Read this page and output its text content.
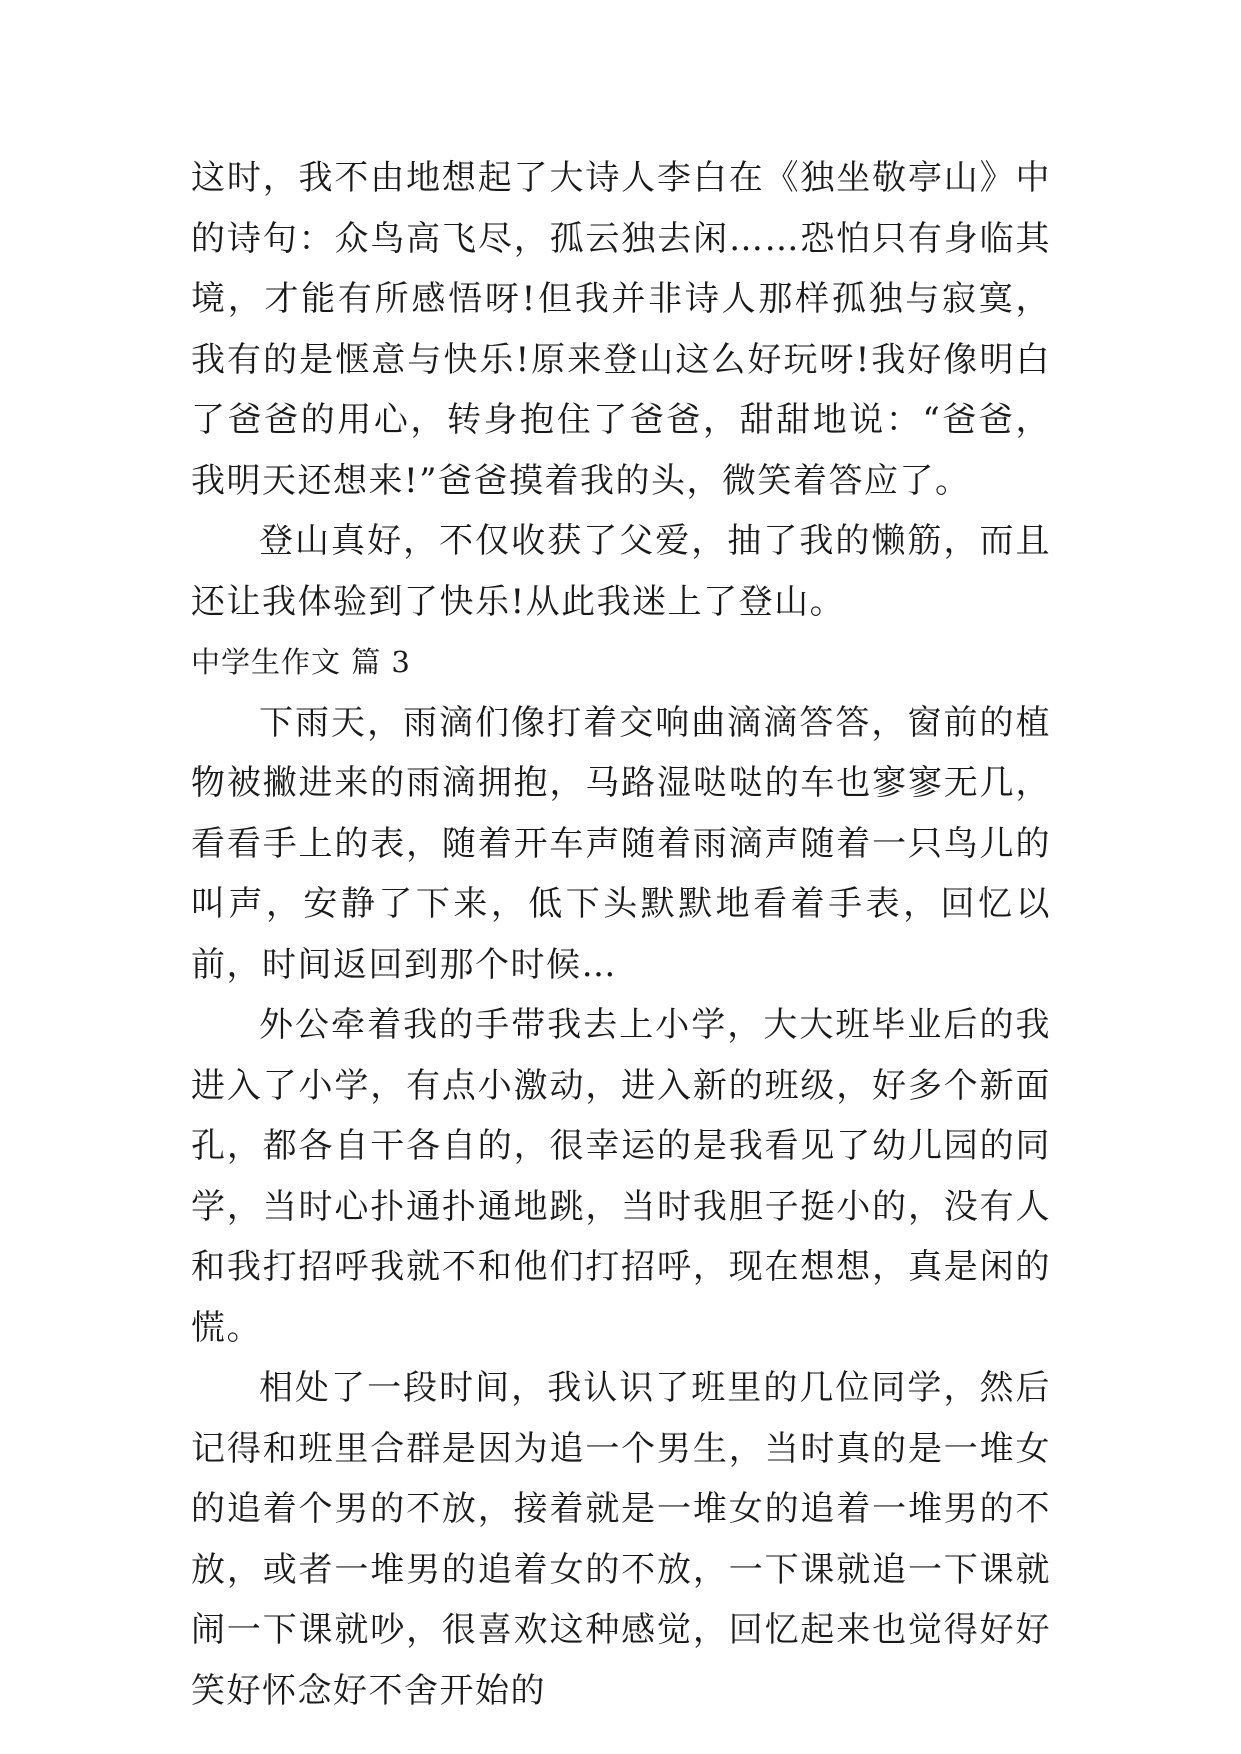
这时，我不由地想起了大诗人李白在《独坐敬亭山》中的诗句：众鸟高飞尽，孤云独去闲……恐怕只有身临其境，才能有所感悟呀!但我并非诗人那样孤独与寂寞，我有的是惬意与快乐!原来登山这么好玩呀!我好像明白了爸爸的用心，转身抱住了爸爸，甜甜地说：“爸爸，我明天还想来!”爸爸摸着我的头，微笑着答应了。

登山真好，不仅收获了父爱，抽了我的懒筋，而且还让我体验到了快乐!从此我迷上了登山。

中学生作文 篇 3

下雨天，雨滴们像打着交响曲滴滴答答，窗前的植物被撇进来的雨滴拥抱，马路湿哒哒的车也寥寥无几，看看手上的表，随着开车声随着雨滴声随着一只鸟儿的叫声，安静了下来，低下头默默地看着手表，回忆以前，时间返回到那个时候…

外公牵着我的手带我去上小学，大大班毕业后的我进入了小学，有点小激动，进入新的班级，好多个新面孔，都各自干各自的，很幸运的是我看见了幼儿园的同学，当时心扑通扑通地跳，当时我胆子挺小的，没有人和我打招呼我就不和他们打招呼，现在想想，真是闲的慌。

相处了一段时间，我认识了班里的几位同学，然后记得和班里合群是因为追一个男生，当时真的是一堆女的追着个男的不放，接着就是一堆女的追着一堆男的不放，或者一堆男的追着女的不放，一下课就追一下课就闹一下课就吵，很喜欢这种感觉，回忆起来也觉得好好笑好怀念好不舍开始的
